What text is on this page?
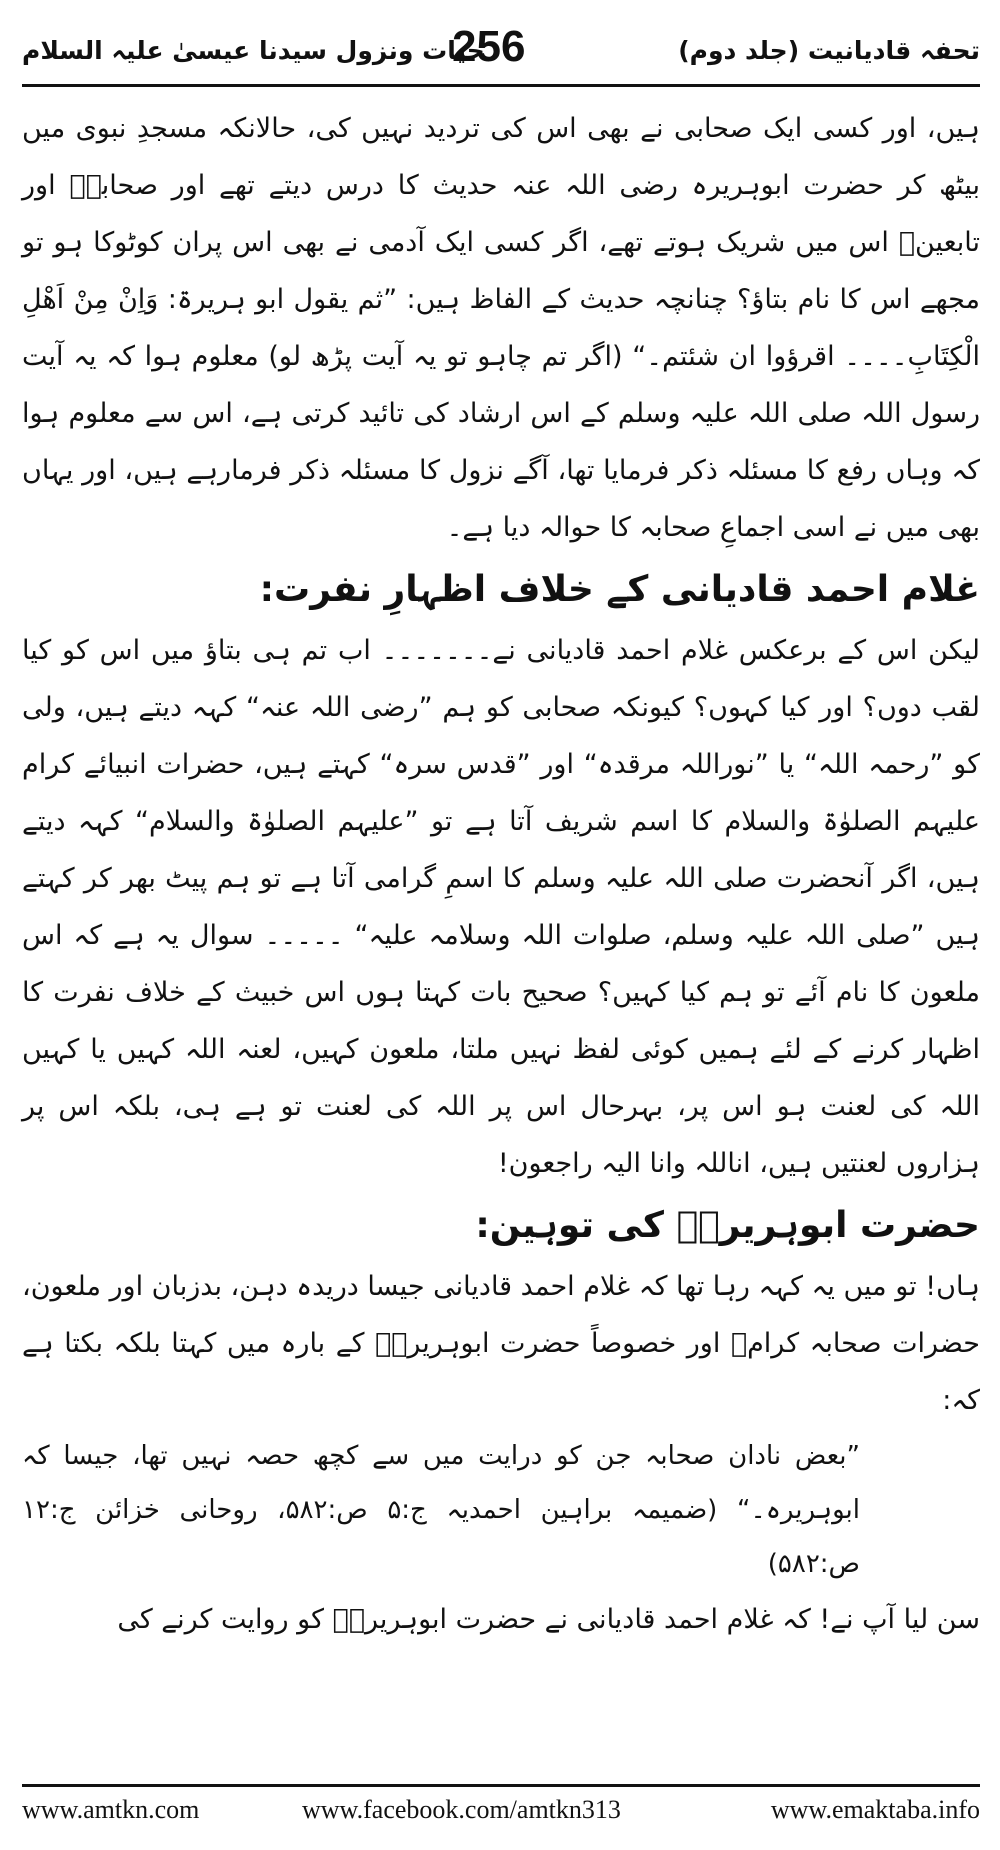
تحفہ قادیانیت (جلد دوم)
256
حیات ونزول سیدنا عیسیٰ علیہ السلام

ہیں، اور کسی ایک صحابی نے بھی اس کی تردید نہیں کی، حالانکہ مسجدِ نبوی میں بیٹھ کر حضرت ابوہریرہ رضی اللہ عنہ حدیث کا درس دیتے تھے اور صحابہؓ اور تابعینؒ اس میں شریک ہوتے تھے، اگر کسی ایک آدمی نے بھی اس پران کوٹوکا ہو تو مجھے اس کا نام بتاؤ؟ چنانچہ حدیث کے الفاظ ہیں: ”ثم یقول ابو ہریرۃ: وَاِنْ مِنْ اَھْلِ الْکِتَابِ۔۔۔۔ اقرؤوا ان شئتم۔“ (اگر تم چاہو تو یہ آیت پڑھ لو) معلوم ہوا کہ یہ آیت رسول اللہ صلی اللہ علیہ وسلم کے اس ارشاد کی تائید کرتی ہے، اس سے معلوم ہوا کہ وہاں رفع کا مسئلہ ذکر فرمایا تھا، آگے نزول کا مسئلہ ذکر فرمارہے ہیں، اور یہاں بھی میں نے اسی اجماعِ صحابہ کا حوالہ دیا ہے۔

غلام احمد قادیانی کے خلاف اظہارِ نفرت:

لیکن اس کے برعکس غلام احمد قادیانی نے۔۔۔۔۔۔۔ اب تم ہی بتاؤ میں اس کو کیا لقب دوں؟ اور کیا کہوں؟ کیونکہ صحابی کو ہم ”رضی اللہ عنہ“ کہہ دیتے ہیں، ولی کو ”رحمہ اللہ“ یا ”نوراللہ مرقدہ“ اور ”قدس سرہ“ کہتے ہیں، حضرات انبیائے کرام علیہم الصلوٰۃ والسلام کا اسم شریف آتا ہے تو ”علیہم الصلوٰۃ والسلام“ کہہ دیتے ہیں، اگر آنحضرت صلی اللہ علیہ وسلم کا اسمِ گرامی آتا ہے تو ہم پیٹ بھر کر کہتے ہیں ”صلی اللہ علیہ وسلم، صلوات اللہ وسلامہ علیہ“ ۔۔۔۔۔ سوال یہ ہے کہ اس ملعون کا نام آئے تو ہم کیا کہیں؟ صحیح بات کہتا ہوں اس خبیث کے خلاف نفرت کا اظہار کرنے کے لئے ہمیں کوئی لفظ نہیں ملتا، ملعون کہیں، لعنہ اللہ کہیں یا کہیں اللہ کی لعنت ہو اس پر، بہرحال اس پر اللہ کی لعنت تو ہے ہی، بلکہ اس پر ہزاروں لعنتیں ہیں، اناللہ وانا الیہ راجعون!

حضرت ابوہریرہؓ کی توہین:

ہاں! تو میں یہ کہہ رہا تھا کہ غلام احمد قادیانی جیسا دریدہ دہن، بدزبان اور ملعون، حضرات صحابہ کرامؓ اور خصوصاً حضرت ابوہریرہؓ کے بارہ میں کہتا بلکہ بکتا ہے کہ:

”بعض نادان صحابہ جن کو درایت میں سے کچھ حصہ نہیں تھا، جیسا کہ ابوہریرہ۔“ (ضمیمہ براہین احمدیہ ج:۵ ص:۵۸۲، روحانی خزائن ج:۱۲ ص:۵۸۲)

سن لیا آپ نے! کہ غلام احمد قادیانی نے حضرت ابوہریرہؓ کو روایت کرنے کی

www.amtkn.com	www.facebook.com/amtkn313	www.emaktaba.info
